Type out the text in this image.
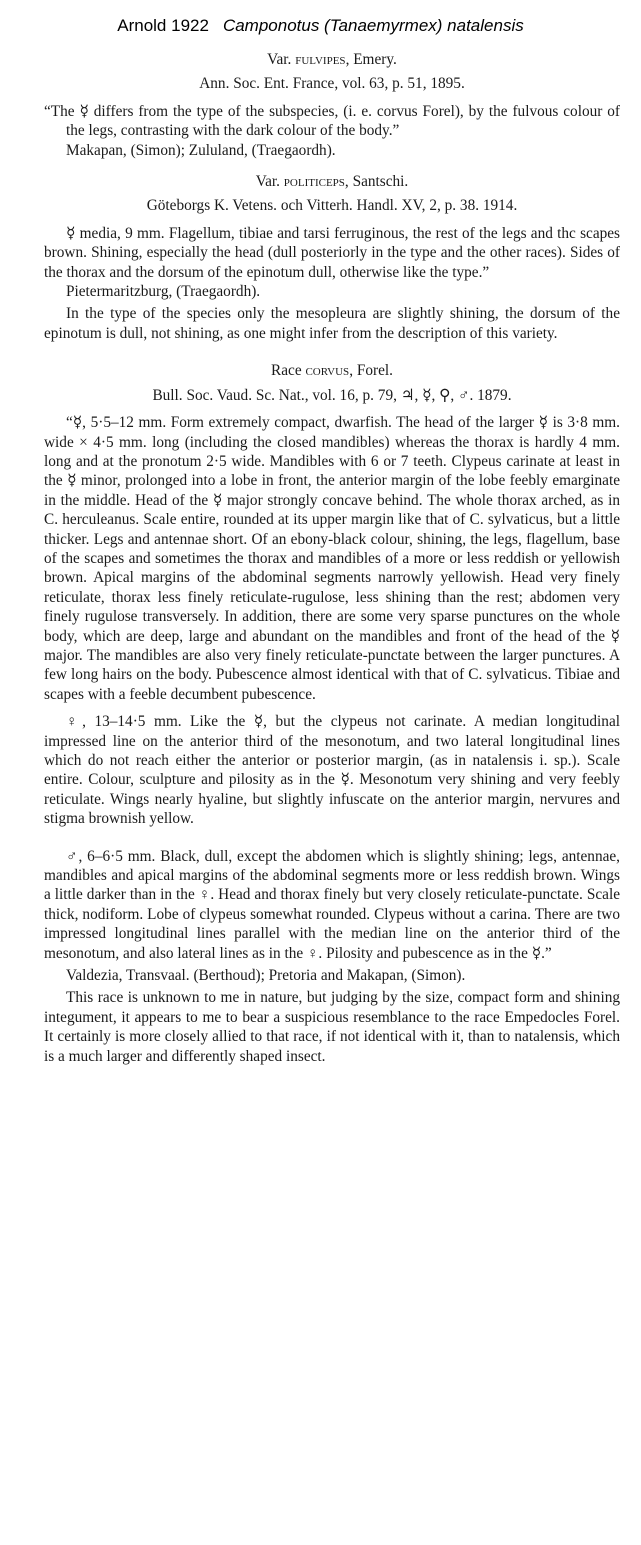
Arnold 1922 Camponotus (Tanaemyrmex) natalensis

Var. fulvipes, Emery.

Ann. Soc. Ent. France, vol. 63, p. 51, 1895.

“The ☿ differs from the type of the subspecies, (i. e. corvus Forel), by the fulvous colour of the legs, contrasting with the dark colour of the body.”

Makapan, (Simon); Zululand, (Traegaordh).

Var. politiceps, Santschi.

Göteborgs K. Vetens. och Vitterh. Handl. XV, 2, p. 38. 1914.

☿ media, 9 mm. Flagellum, tibiae and tarsi ferruginous, the rest of the legs and thc scapes brown. Shining, especially the head (dull posteriorly in the type and the other races). Sides of the thorax and the dorsum of the epinotum dull, otherwise like the type.”

Pietermaritzburg, (Traegaordh).

In the type of the species only the mesopleura are slightly shining, the dorsum of the epinotum is dull, not shining, as one might infer from the description of this variety.

Race corvus, Forel.

Bull. Soc. Vaud. Sc. Nat., vol. 16, p. 79, ♃, ☿, ⚲, ♂. 1879.

“☿, 5·5–12 mm. Form extremely compact, dwarfish. The head of the larger ☿ is 3·8 mm. wide × 4·5 mm. long (including the closed mandibles) whereas the thorax is hardly 4 mm. long and at the pronotum 2·5 wide. Mandibles with 6 or 7 teeth. Clypeus carinate at least in the ☿ minor, prolonged into a lobe in front, the anterior margin of the lobe feebly emarginate in the middle. Head of the ☿ major strongly concave behind. The whole thorax arched, as in C. herculeanus. Scale entire, rounded at its upper margin like that of C. sylvaticus, but a little thicker. Legs and antennae short. Of an ebony-black colour, shining, the legs, flagellum, base of the scapes and sometimes the thorax and mandibles of a more or less reddish or yellowish brown. Apical margins of the abdominal segments narrowly yellowish. Head very finely reticulate, thorax less finely reticulate-rugulose, less shining than the rest; abdomen very finely rugulose transversely. In addition, there are some very sparse punctures on the whole body, which are deep, large and abundant on the mandibles and front of the head of the ☿ major. The mandibles are also very finely reticulate-punctate between the larger punctures. A few long hairs on the body. Pubescence almost identical with that of C. sylvaticus. Tibiae and scapes with a feeble decumbent pubescence.

♀, 13–14·5 mm. Like the ☿, but the clypeus not carinate. A median longitudinal impressed line on the anterior third of the mesonotum, and two lateral longitudinal lines which do not reach either the anterior or posterior margin, (as in natalensis i. sp.). Scale entire. Colour, sculpture and pilosity as in the ☿. Mesonotum very shining and very feebly reticulate. Wings nearly hyaline, but slightly infuscate on the anterior margin, nervures and stigma brownish yellow.

♂, 6–6·5 mm. Black, dull, except the abdomen which is slightly shining; legs, antennae, mandibles and apical margins of the abdominal segments more or less reddish brown. Wings a little darker than in the ♀. Head and thorax finely but very closely reticulate-punctate. Scale thick, nodiform. Lobe of clypeus somewhat rounded. Clypeus without a carina. There are two impressed longitudinal lines parallel with the median line on the anterior third of the mesonotum, and also lateral lines as in the ♀. Pilosity and pubescence as in the ☿.”

Valdezia, Transvaal. (Berthoud); Pretoria and Makapan, (Simon).

This race is unknown to me in nature, but judging by the size, compact form and shining integument, it appears to me to bear a suspicious resemblance to the race Empedocles Forel. It certainly is more closely allied to that race, if not identical with it, than to natalensis, which is a much larger and differently shaped insect.
